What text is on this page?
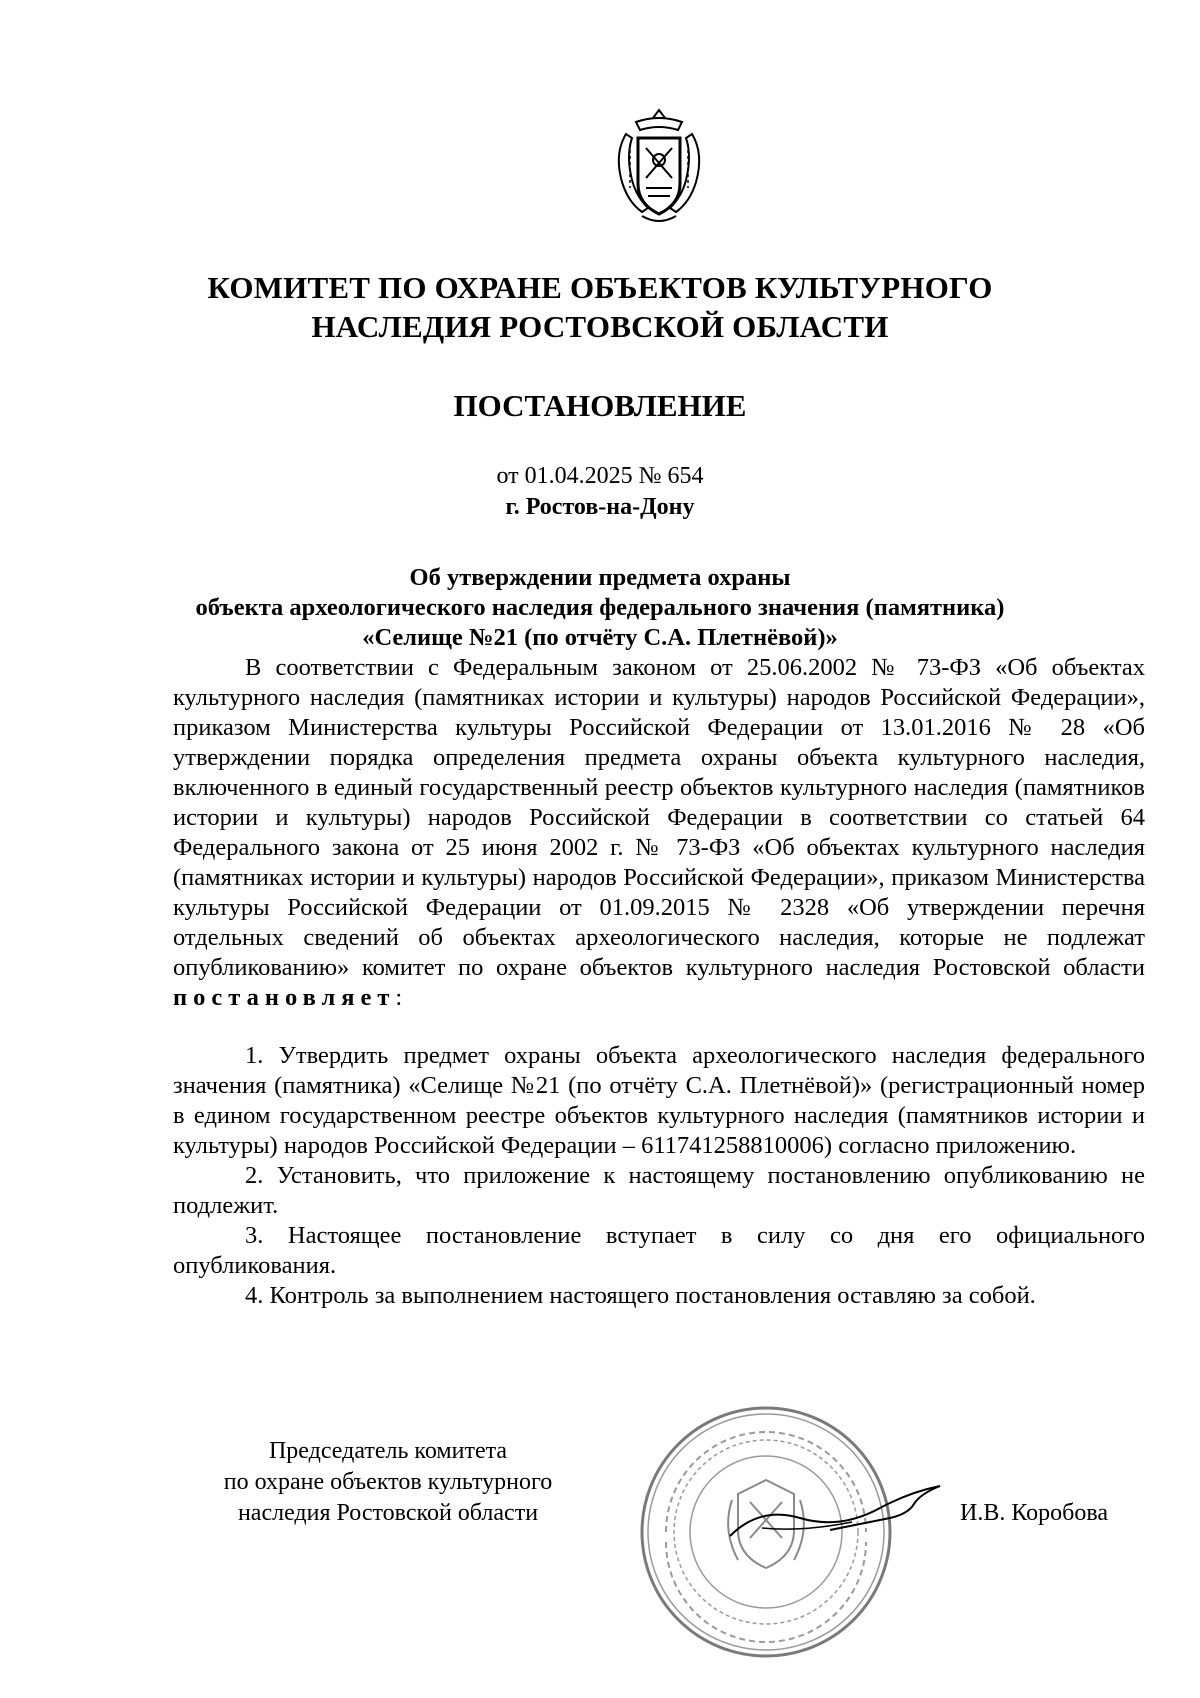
КОМИТЕТ ПО ОХРАНЕ ОБЪЕКТОВ КУЛЬТУРНОГО
НАСЛЕДИЯ РОСТОВСКОЙ ОБЛАСТИ
ПОСТАНОВЛЕНИЕ
от 01.04.2025 № 654
г. Ростов-на-Дону
Об утверждении предмета охраны
объекта археологического наследия федерального значения (памятника)
«Селище №21 (по отчёту С.А. Плетнёвой)»

В соответствии с Федеральным законом от 25.06.2002 № 73-ФЗ «Об объектах культурного наследия (памятниках истории и культуры) народов Российской Федерации», приказом Министерства культуры Российской Федерации от 13.01.2016 № 28 «Об утверждении порядка определения предмета охраны объекта культурного наследия, включенного в единый государственный реестр объектов культурного наследия (памятников истории и культуры) народов Российской Федерации в соответствии со статьей 64 Федерального закона от 25 июня 2002 г. № 73-ФЗ «Об объектах культурного наследия (памятниках истории и культуры) народов Российской Федерации», приказом Министерства культуры Российской Федерации от 01.09.2015 № 2328 «Об утверждении перечня отдельных сведений об объектах археологического наследия, которые не подлежат опубликованию» комитет по охране объектов культурного наследия Ростовской области постановляет:

1. Утвердить предмет охраны объекта археологического наследия федерального значения (памятника) «Селище №21 (по отчёту С.А. Плетнёвой)» (регистрационный номер в едином государственном реестре объектов культурного наследия (памятников истории и культуры) народов Российской Федерации – 611741258810006) согласно приложению.

2. Установить, что приложение к настоящему постановлению опубликованию не подлежит.

3. Настоящее постановление вступает в силу со дня его официального опубликования.

4. Контроль за выполнением настоящего постановления оставляю за собой.

Председатель комитета
по охране объектов культурного
наследия Ростовской области	И.В. Коробова
